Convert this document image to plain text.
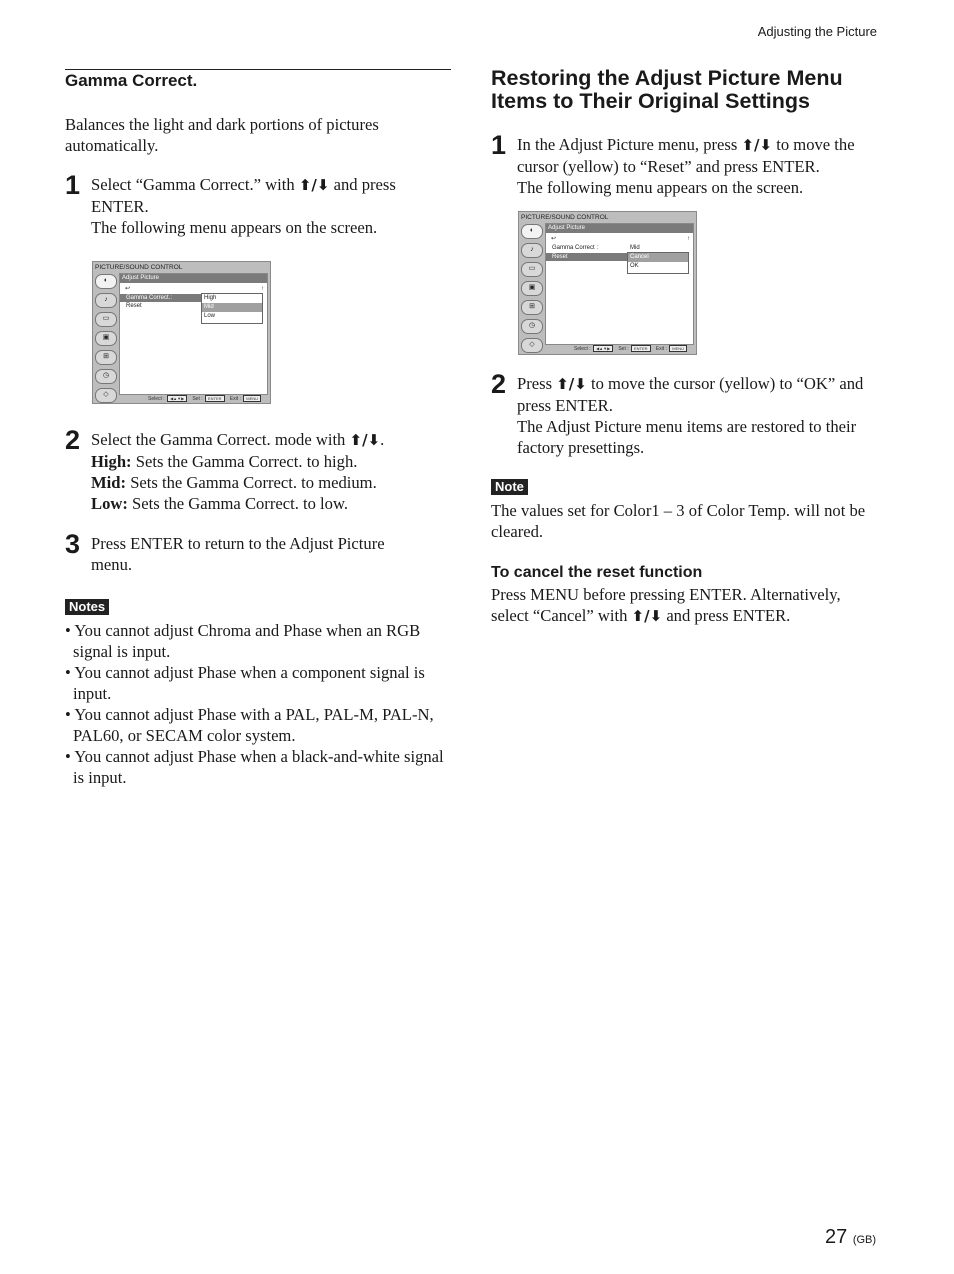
Adjusting the Picture
Gamma Correct.
Balances the light and dark portions of pictures automatically.
1 Select “Gamma Correct.” with ⬆/⬇ and press ENTER.
The following menu appears on the screen.
PICTURE/SOUND CONTROL
◐
♪
▭
▣
⊞
◷
◇
Adjust Picture
↩	↑
Gamma Correct.:
Reset
High
Mid
Low
Select : ◀▲▼▶ Set : ENTER Exit : MENU
2 Select the Gamma Correct. mode with ⬆/⬇.
High: Sets the Gamma Correct. to high.
Mid: Sets the Gamma Correct. to medium.
Low: Sets the Gamma Correct. to low.
3 Press ENTER to return to the Adjust Picture menu.
Notes
• You cannot adjust Chroma and Phase when an RGB signal is input.
• You cannot adjust Phase when a component signal is input.
• You cannot adjust Phase with a PAL, PAL-M, PAL-N, PAL60, or SECAM color system.
• You cannot adjust Phase when a black-and-white signal is input.
Restoring the Adjust Picture Menu Items to Their Original Settings
1 In the Adjust Picture menu, press ⬆/⬇ to move the cursor (yellow) to “Reset” and press ENTER.
The following menu appears on the screen.
PICTURE/SOUND CONTROL
◐
♪
▭
▣
⊞
◷
◇
Adjust Picture
↩	↑
Gamma Correct :	Mid
Reset	Cancel
OK
Select : ◀▲▼▶ Set : ENTER Exit : MENU
2 Press ⬆/⬇ to move the cursor (yellow) to “OK” and press ENTER.
The Adjust Picture menu items are restored to their factory presettings.
Note
The values set for Color1 – 3 of Color Temp. will not be cleared.
To cancel the reset function
Press MENU before pressing ENTER. Alternatively, select “Cancel” with ⬆/⬇ and press ENTER.
27 (GB)
